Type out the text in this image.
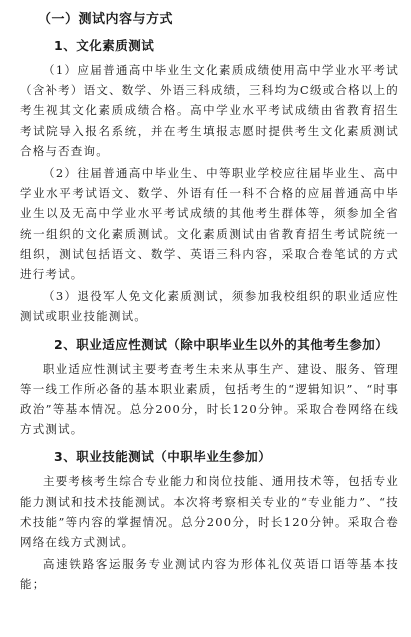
（一）测试内容与方式
1、文化素质测试

（1）应届普通高中毕业生文化素质成绩使用高中学业水平考试（含补考）语文、数学、外语三科成绩，三科均为C级或合格以上的考生视其文化素质成绩合格。高中学业水平考试成绩由省教育招生考试院导入报名系统，并在考生填报志愿时提供考生文化素质测试合格与否查询。

（2）往届普通高中毕业生、中等职业学校应往届毕业生、高中学业水平考试语文、数学、外语有任一科不合格的应届普通高中毕业生以及无高中学业水平考试成绩的其他考生群体等，须参加全省统一组织的文化素质测试。文化素质测试由省教育招生考试院统一组织，测试包括语文、数学、英语三科内容，采取合卷笔试的方式进行考试。

（3）退役军人免文化素质测试，须参加我校组织的职业适应性测试或职业技能测试。

2、职业适应性测试（除中职毕业生以外的其他考生参加）

职业适应性测试主要考查考生未来从事生产、建设、服务、管理等一线工作所必备的基本职业素质，包括考生的“逻辑知识”、“时事政治”等基本情况。总分200分，时长120分钟。采取合卷网络在线方式测试。

3、职业技能测试（中职毕业生参加）

主要考核考生综合专业能力和岗位技能、通用技术等，包括专业能力测试和技术技能测试。本次将考察相关专业的“专业能力”、“技术技能”等内容的掌握情况。总分200分，时长120分钟。采取合卷网络在线方式测试。

高速铁路客运服务专业测试内容为形体礼仪英语口语等基本技能；
